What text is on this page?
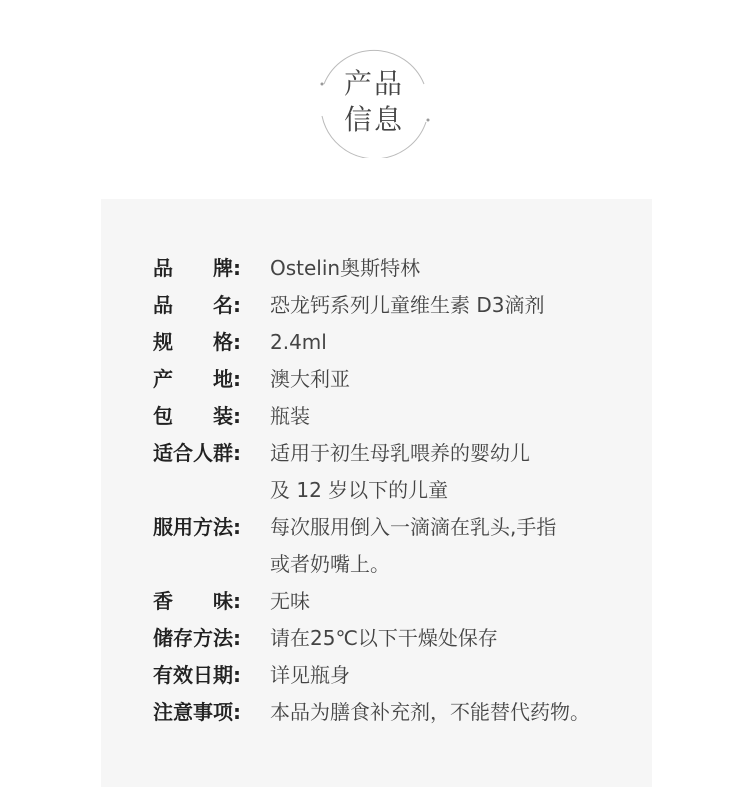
产品
信息
品　　牌:	Ostelin奥斯特林
品　　名:	恐龙钙系列儿童维生素 D3滴剂
规　　格:	2.4ml
产　　地:	澳大利亚
包　　装:	瓶装
适合人群:	适用于初生母乳喂养的婴幼儿
及 12 岁以下的儿童
服用方法:	每次服用倒入一滴滴在乳头,手指
或者奶嘴上。
香　　味:	无味
储存方法:	请在25℃以下干燥处保存
有效日期:	详见瓶身
注意事项:	本品为膳食补充剂，不能替代药物。
